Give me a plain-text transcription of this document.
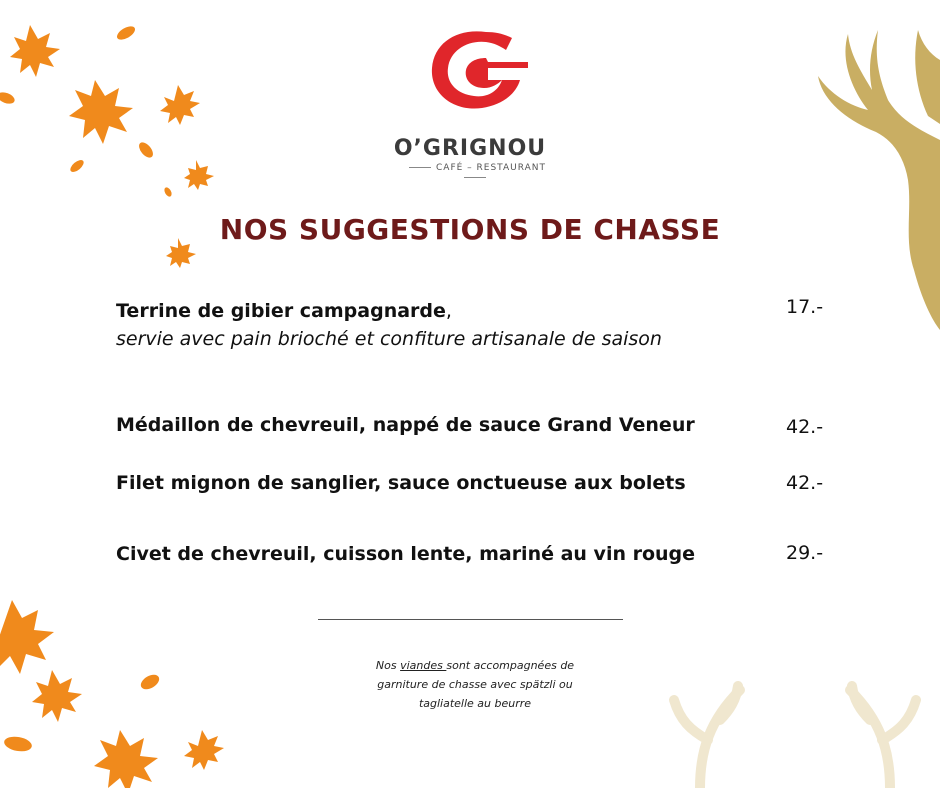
O’GRIGNOU
CAFÉ – RESTAURANT
NOS SUGGESTIONS DE CHASSE
Terrine de gibier campagnarde,
servie avec pain brioché et confiture artisanale de saison
17.-
Médaillon de chevreuil, nappé de sauce Grand Veneur	42.-
Filet mignon de sanglier, sauce onctueuse aux bolets	42.-
Civet de chevreuil, cuisson lente, mariné au vin rouge	29.-
Nos viandes sont accompagnées de garniture de chasse avec spätzli ou tagliatelle au beurre
